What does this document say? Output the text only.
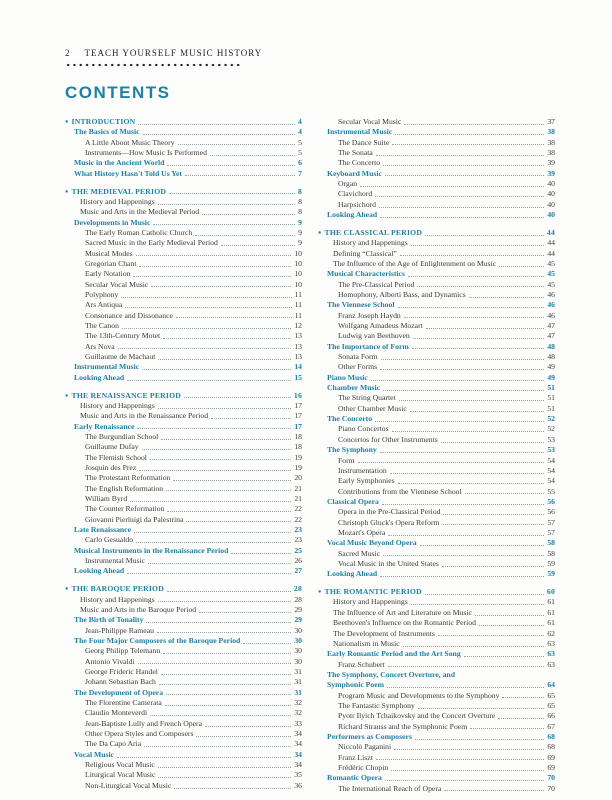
2 TEACH YOURSELF MUSIC HISTORY
CONTENTS
● INTRODUCTION	4
The Basics of Music	4
A Little About Music Theory	5
Instruments—How Music Is Performed	5
Music in the Ancient World	6
What History Hasn't Told Us Yet	7
● THE MEDIEVAL PERIOD	8
History and Happenings	8
Music and Arts in the Medieval Period	8
Developments in Music	9
The Early Roman Catholic Church	9
Sacred Music in the Early Medieval Period	9
Musical Modes	10
Gregorian Chant	10
Early Notation	10
Secular Vocal Music	10
Polyphony	11
Ars Antiqua	11
Consonance and Dissonance	11
The Canon	12
The 13th-Century Motet	13
Ars Nova	13
Guillaume de Machaut	13
Instrumental Music	14
Looking Ahead	15
● THE RENAISSANCE PERIOD	16
History and Happenings	17
Music and Arts in the Renaissance Period	17
Early Renaissance	17
The Burgundian School	18
Guillaume Dufay	18
The Flemish School	19
Josquin des Prez	19
The Protestant Reformation	20
The English Reformation	21
William Byrd	21
The Counter Reformation	22
Giovanni Pierluigi da Palestrina	22
Late Renaissance	23
Carlo Gesualdo	23
Musical Instruments in the Renaissance Period	25
Instrumental Music	26
Looking Ahead	27
● THE BAROQUE PERIOD	28
History and Happenings	28
Music and Arts in the Baroque Period	29
The Birth of Tonality	29
Jean-Philippe Rameau	30
The Four Major Composers of the Baroque Period	30
Georg Philipp Telemann	30
Antonio Vivaldi	30
George Frideric Handel	31
Johann Sebastian Bach	31
The Development of Opera	31
The Florentine Camerata	32
Claudio Monteverdi	32
Jean-Baptiste Lully and French Opera	33
Other Opera Styles and Composers	34
The Da Capo Aria	34
Vocal Music	34
Religious Vocal Music	34
Liturgical Vocal Music	35
Non-Liturgical Vocal Music	36
Secular Vocal Music	37
Instrumental Music	38
The Dance Suite	38
The Sonata	38
The Concerto	39
Keyboard Music	39
Organ	40
Clavichord	40
Harpsichord	40
Looking Ahead	40
● THE CLASSICAL PERIOD	44
History and Happenings	44
Defining “Classical”	44
The Influence of the Age of Enlightenment on Music	45
Musical Characteristics	45
The Pre-Classical Period	45
Homophony, Alberti Bass, and Dynamics	46
The Viennese School	46
Franz Joseph Haydn	46
Wolfgang Amadeus Mozart	47
Ludwig van Beethoven	47
The Importance of Form	48
Sonata Form	48
Other Forms	49
Piano Music	49
Chamber Music	51
The String Quartet	51
Other Chamber Music	51
The Concerto	52
Piano Concertos	52
Concertos for Other Instruments	53
The Symphony	53
Form	54
Instrumentation	54
Early Symphonies	54
Contributions from the Viennese School	55
Classical Opera	56
Opera in the Pre-Classical Period	56
Christoph Gluck's Opera Reform	57
Mozart's Opera	57
Vocal Music Beyond Opera	58
Sacred Music	58
Vocal Music in the United States	59
Looking Ahead	59
● THE ROMANTIC PERIOD	60
History and Happenings	61
The Influence of Art and Literature on Music	61
Beethoven's Influence on the Romantic Period	61
The Development of Instruments	62
Nationalism in Music	63
Early Romantic Period and the Art Song	63
Franz Schubert	63
The Symphony, Concert Overture, and
Symphonic Poem	64
Program Music and Developments to the Symphony	65
The Fantastic Symphony	65
Pyotr Ilyich Tchaikovsky and the Concert Overture	66
Richard Strauss and the Symphonic Poem	67
Performers as Composers	68
Niccolò Paganini	68
Franz Liszt	69
Frédéric Chopin	69
Romantic Opera	70
The International Reach of Opera	70
